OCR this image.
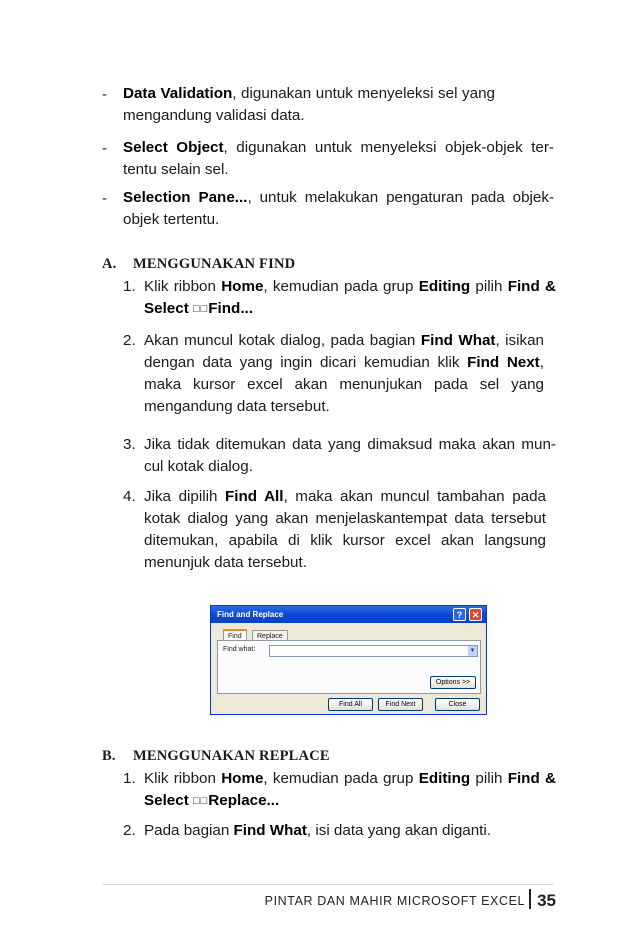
- Data Validation, digunakan untuk menyeleksi sel yang mengandung validasi data.
- Select Object, digunakan untuk menyeleksi objek-objek ter-tentu selain sel.
- Selection Pane..., untuk melakukan pengaturan pada objek-objek tertentu.
A. MENGGUNAKAN FIND
1. Klik ribbon Home, kemudian pada grup Editing pilih Find & Select □□Find...
2. Akan muncul kotak dialog, pada bagian Find What, isikan dengan data yang ingin dicari kemudian klik Find Next, maka kursor excel akan menunjukan pada sel yang mengandung data tersebut.
3. Jika tidak ditemukan data yang dimaksud maka akan mun-cul kotak dialog.
4. Jika dipilih Find All, maka akan muncul tambahan pada kotak dialog yang akan menjelaskantempat data tersebut ditemukan, apabila di klik kursor excel akan langsung menunjuk data tersebut.
Find and Replace	?	✕
Find	Replace
Find what:	▼
Options >>
Find All	Find Next	Close
B. MENGGUNAKAN REPLACE
1. Klik ribbon Home, kemudian pada grup Editing pilih Find & Select □□Replace...
2. Pada bagian Find What, isi data yang akan diganti.
PINTAR DAN MAHIR MICROSOFT EXCEL 35
